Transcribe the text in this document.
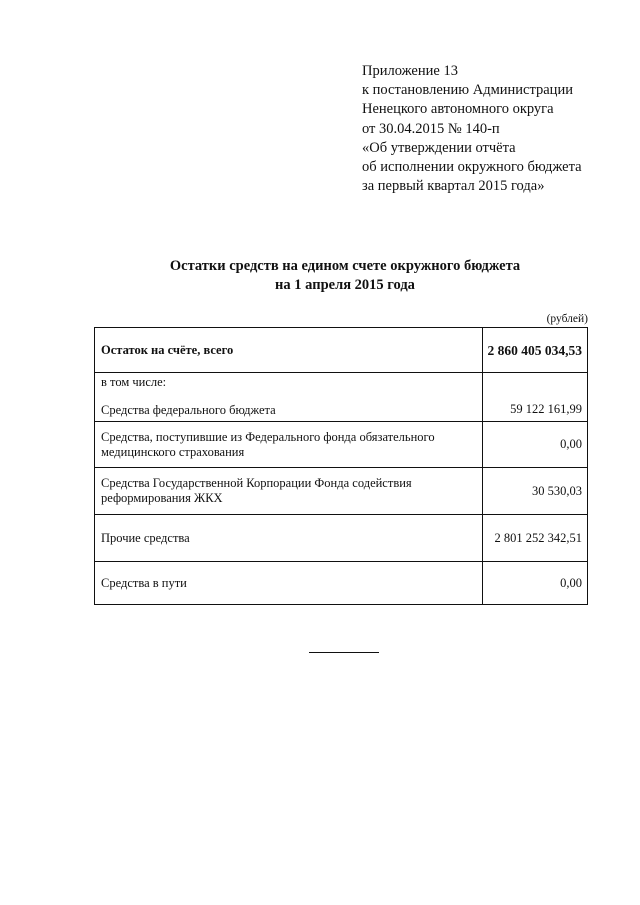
Приложение 13
к постановлению Администрации
Ненецкого автономного округа
от 30.04.2015 № 140-п
«Об утверждении отчёта
об исполнении окружного бюджета
за первый квартал 2015 года»
Остатки средств на едином счете окружного бюджета
на 1 апреля 2015 года
(рублей)
Остаток на счёте, всего	2 860 405 034,53

в том числе:
Средства федерального бюджета	59 122 161,99
Средства, поступившие из Федерального фонда обязательного медицинского страхования	0,00
Средства Государственной Корпорации Фонда содействия реформирования ЖКХ	30 530,03
Прочие средства	2 801 252 342,51
Средства в пути	0,00
